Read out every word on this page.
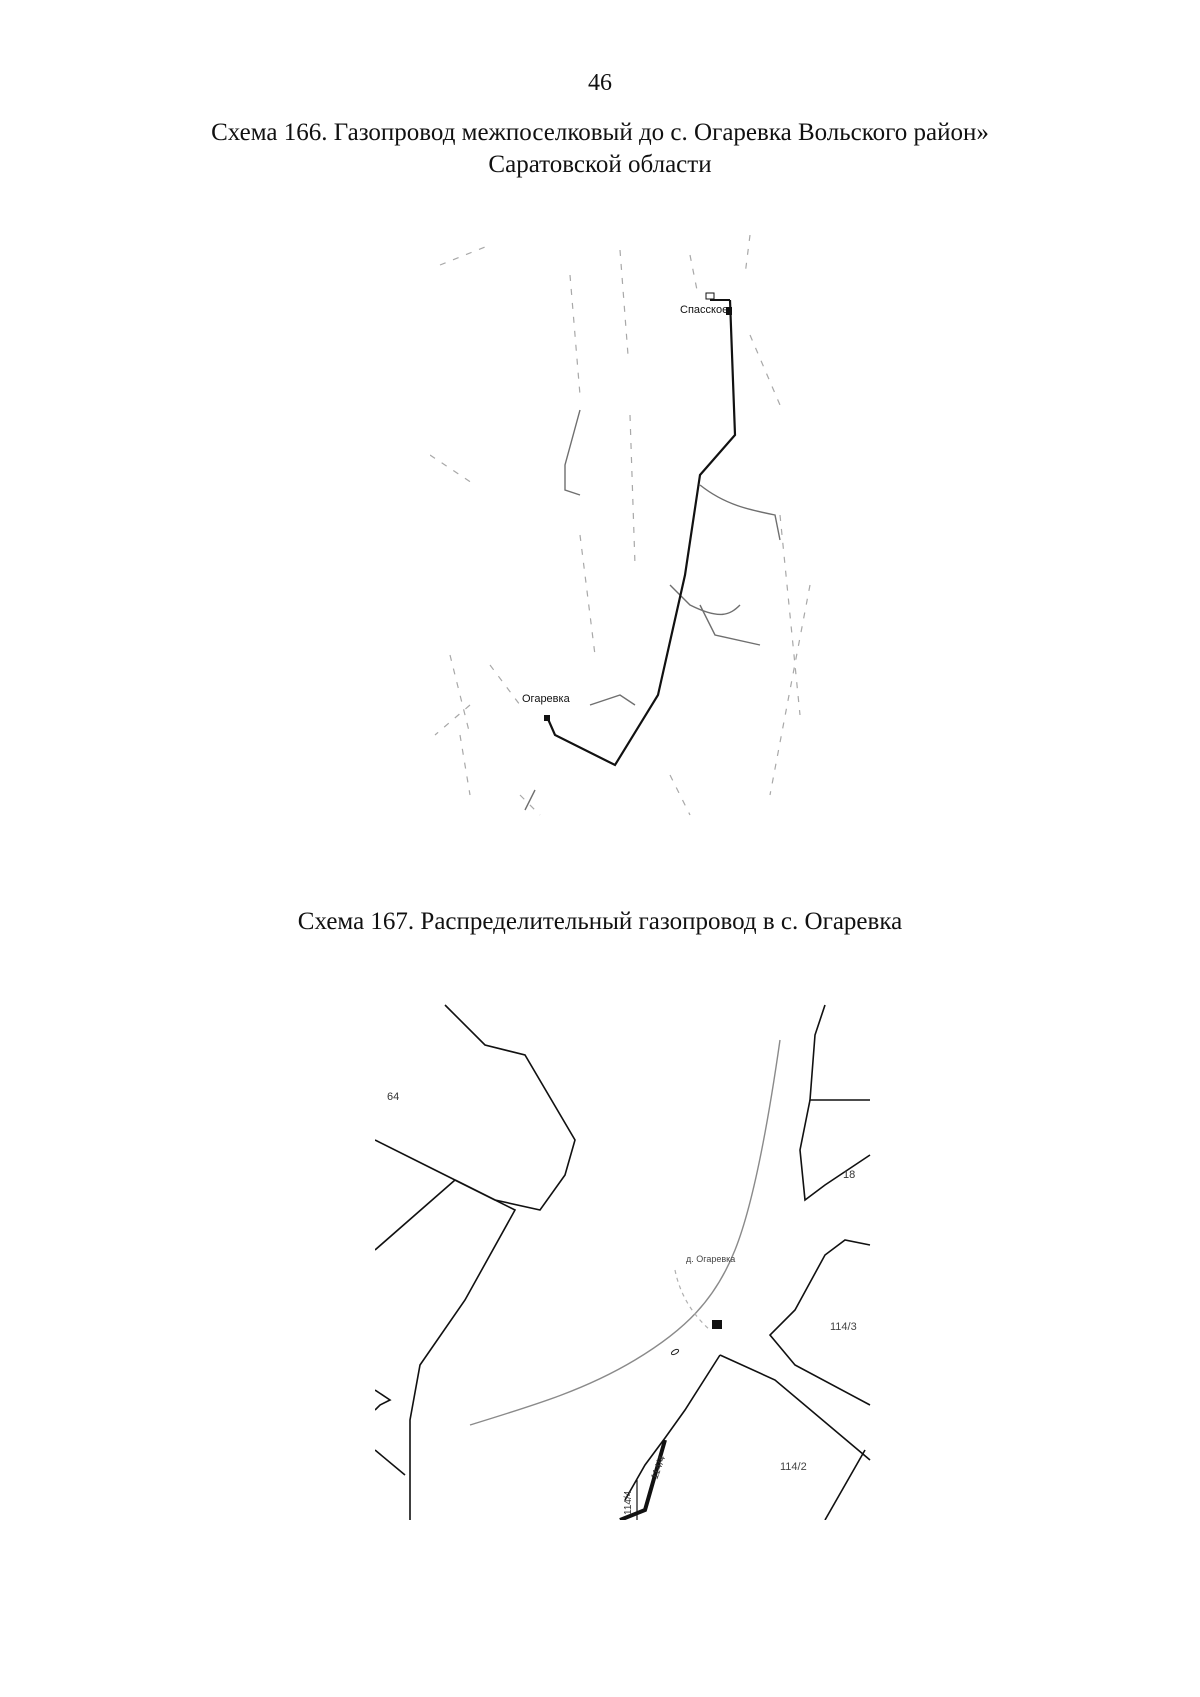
46
Схема 166. Газопровод межпоселковый до с. Огаревка Вольского район»
Саратовской области
Спасское
Огаревка
Схема 167. Распределительный газопровод в с. Огаревка
64
18
д. Огаревка
114/3
114/2
114/4
114/4
